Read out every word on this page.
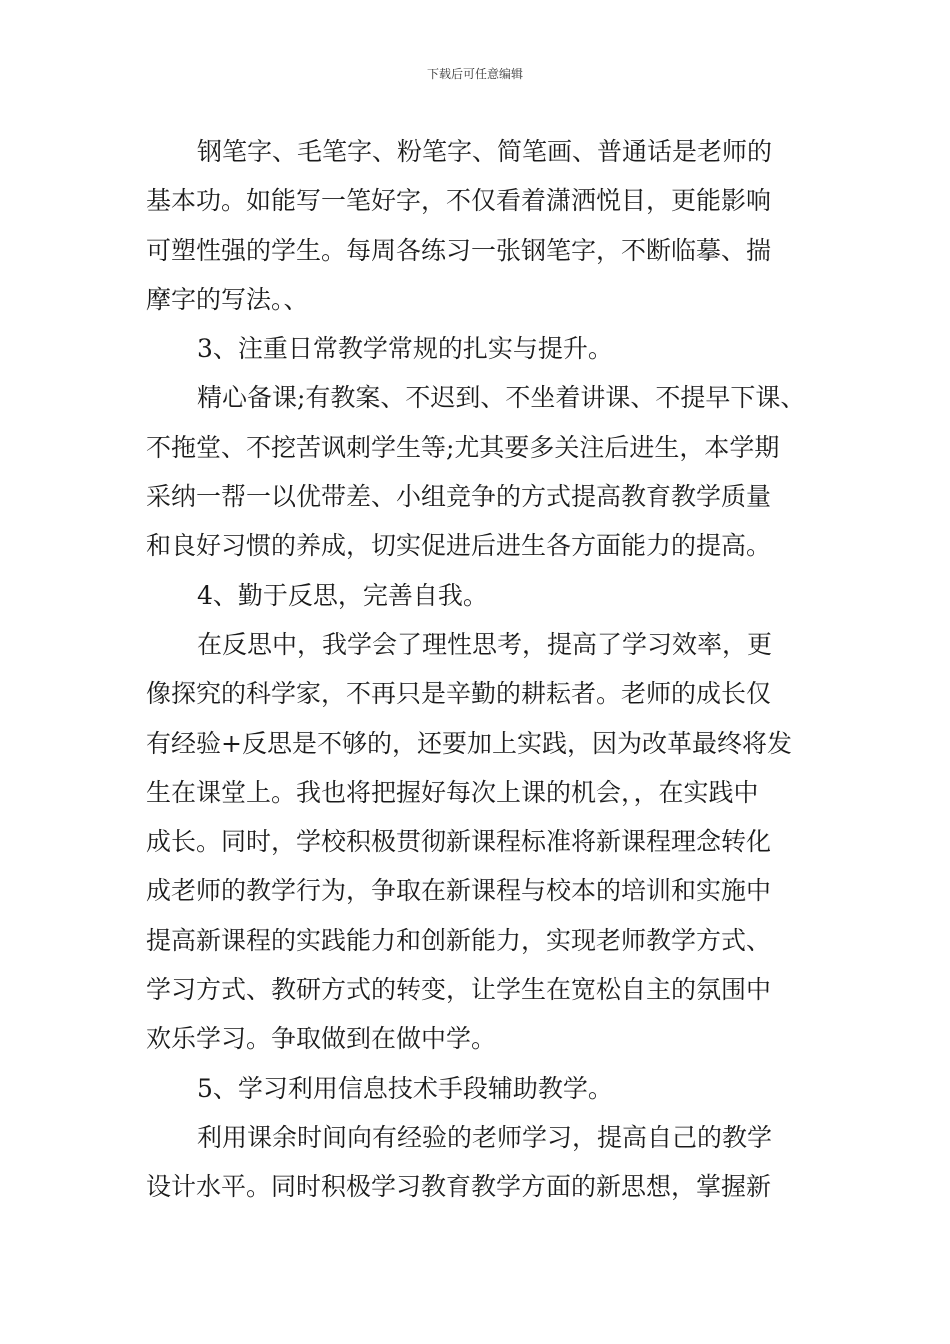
下载后可任意编辑
钢笔字、毛笔字、粉笔字、简笔画、普通话是老师的
基本功。如能写一笔好字，不仅看着潇洒悦目，更能影响
可塑性强的学生。每周各练习一张钢笔字，不断临摹、揣
摩字的写法。、
3、注重日常教学常规的扎实与提升。
精心备课;有教案、不迟到、不坐着讲课、不提早下课、
不拖堂、不挖苦讽刺学生等;尤其要多关注后进生，本学期
采纳一帮一以优带差、小组竞争的方式提高教育教学质量
和良好习惯的养成，切实促进后进生各方面能力的提高。
4、勤于反思，完善自我。
在反思中，我学会了理性思考，提高了学习效率，更
像探究的科学家，不再只是辛勤的耕耘者。老师的成长仅
有经验+反思是不够的，还要加上实践，因为改革最终将发
生在课堂上。我也将把握好每次上课的机会，，在实践中
成长。同时，学校积极贯彻新课程标准将新课程理念转化
成老师的教学行为，争取在新课程与校本的培训和实施中
提高新课程的实践能力和创新能力，实现老师教学方式、
学习方式、教研方式的转变，让学生在宽松自主的氛围中
欢乐学习。争取做到在做中学。
5、学习利用信息技术手段辅助教学。
利用课余时间向有经验的老师学习，提高自己的教学
设计水平。同时积极学习教育教学方面的新思想，掌握新
